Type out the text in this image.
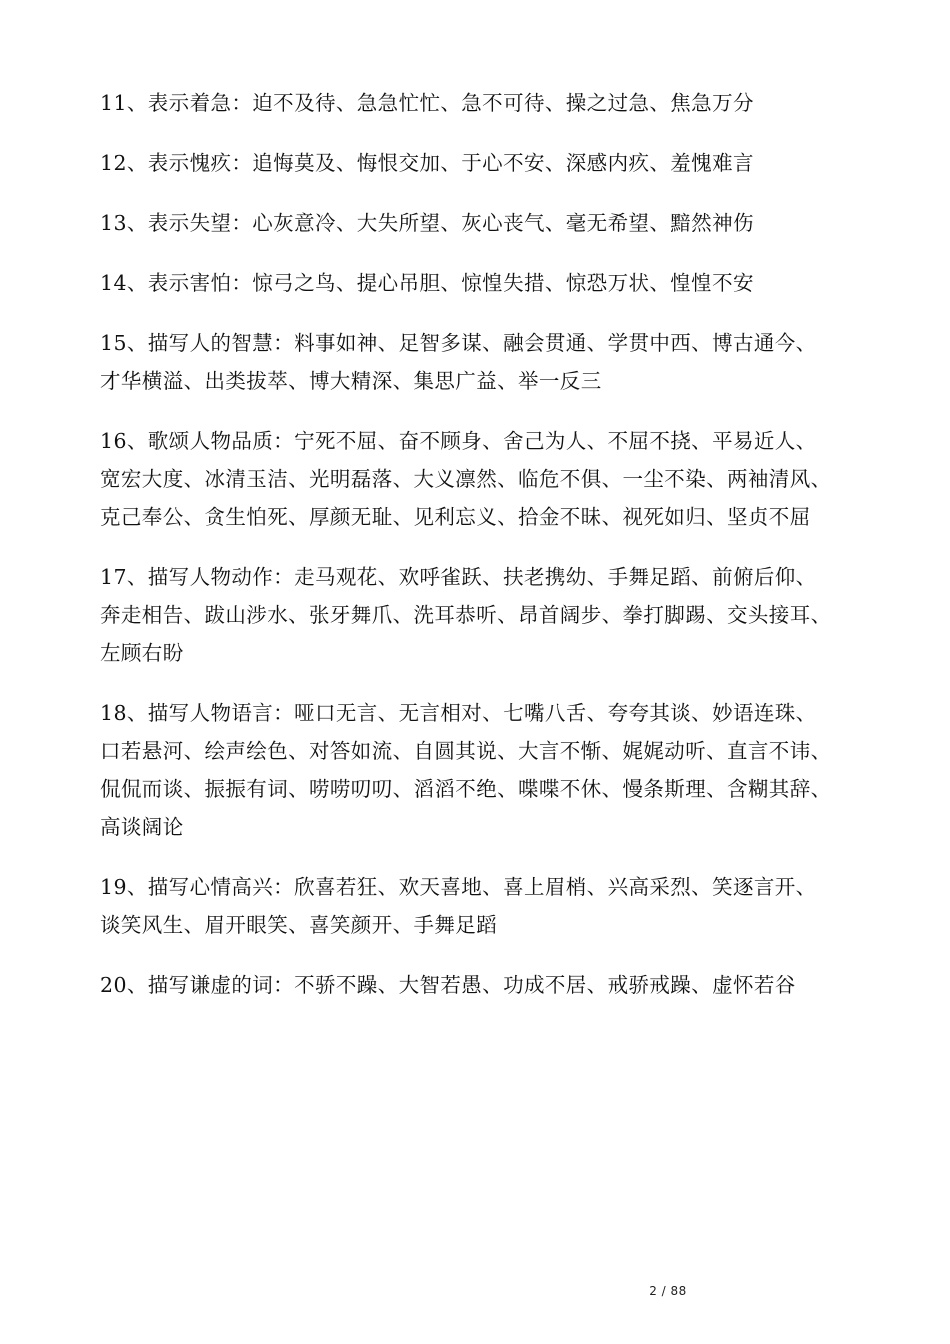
11、表示着急：迫不及待、急急忙忙、急不可待、操之过急、焦急万分
12、表示愧疚：追悔莫及、悔恨交加、于心不安、深感内疚、羞愧难言
13、表示失望：心灰意冷、大失所望、灰心丧气、毫无希望、黯然神伤
14、表示害怕：惊弓之鸟、提心吊胆、惊惶失措、惊恐万状、惶惶不安
15、描写人的智慧：料事如神、足智多谋、融会贯通、学贯中西、博古通今、
才华横溢、出类拔萃、博大精深、集思广益、举一反三
16、歌颂人物品质：宁死不屈、奋不顾身、舍己为人、不屈不挠、平易近人、
宽宏大度、冰清玉洁、光明磊落、大义凛然、临危不俱、一尘不染、两袖清风、
克己奉公、贪生怕死、厚颜无耻、见利忘义、拾金不昧、视死如归、坚贞不屈
17、描写人物动作：走马观花、欢呼雀跃、扶老携幼、手舞足蹈、前俯后仰、
奔走相告、跋山涉水、张牙舞爪、洗耳恭听、昂首阔步、拳打脚踢、交头接耳、
左顾右盼
18、描写人物语言：哑口无言、无言相对、七嘴八舌、夸夸其谈、妙语连珠、
口若悬河、绘声绘色、对答如流、自圆其说、大言不惭、娓娓动听、直言不讳、
侃侃而谈、振振有词、唠唠叨叨、滔滔不绝、喋喋不休、慢条斯理、含糊其辞、
高谈阔论
19、描写心情高兴：欣喜若狂、欢天喜地、喜上眉梢、兴高采烈、笑逐言开、
谈笑风生、眉开眼笑、喜笑颜开、手舞足蹈
20、描写谦虚的词：不骄不躁、大智若愚、功成不居、戒骄戒躁、虚怀若谷
2 / 88
